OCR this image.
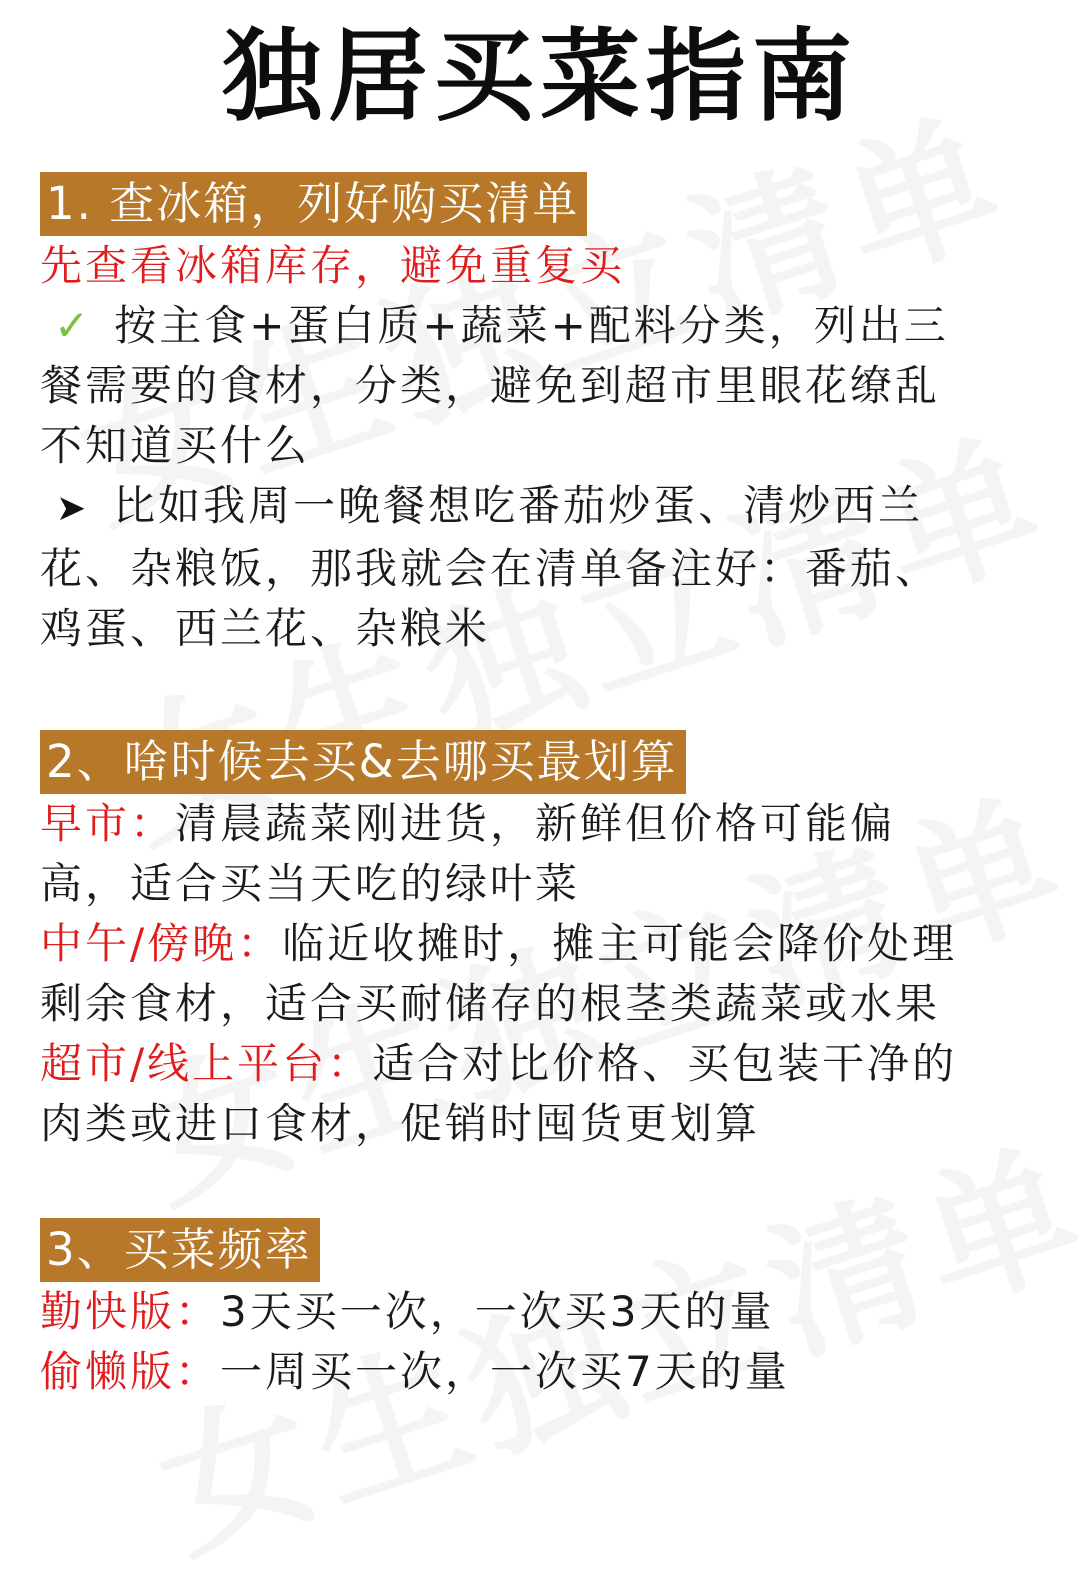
独居买菜指南
1. 查冰箱，列好购买清单
先查看冰箱库存，避免重复买
✓ 按主食+蛋白质+蔬菜+配料分类，列出三
餐需要的食材，分类，避免到超市里眼花缭乱
不知道买什么
➤ 比如我周一晚餐想吃番茄炒蛋、清炒西兰
花、杂粮饭，那我就会在清单备注好：番茄、
鸡蛋、西兰花、杂粮米
2、啥时候去买&去哪买最划算
早市：清晨蔬菜刚进货，新鲜但价格可能偏
高，适合买当天吃的绿叶菜
中午/傍晚：临近收摊时，摊主可能会降价处理
剩余食材，适合买耐储存的根茎类蔬菜或水果
超市/线上平台：适合对比价格、买包装干净的
肉类或进口食材，促销时囤货更划算
3、买菜频率
勤快版：3天买一次，一次买3天的量
偷懒版：一周买一次，一次买7天的量
